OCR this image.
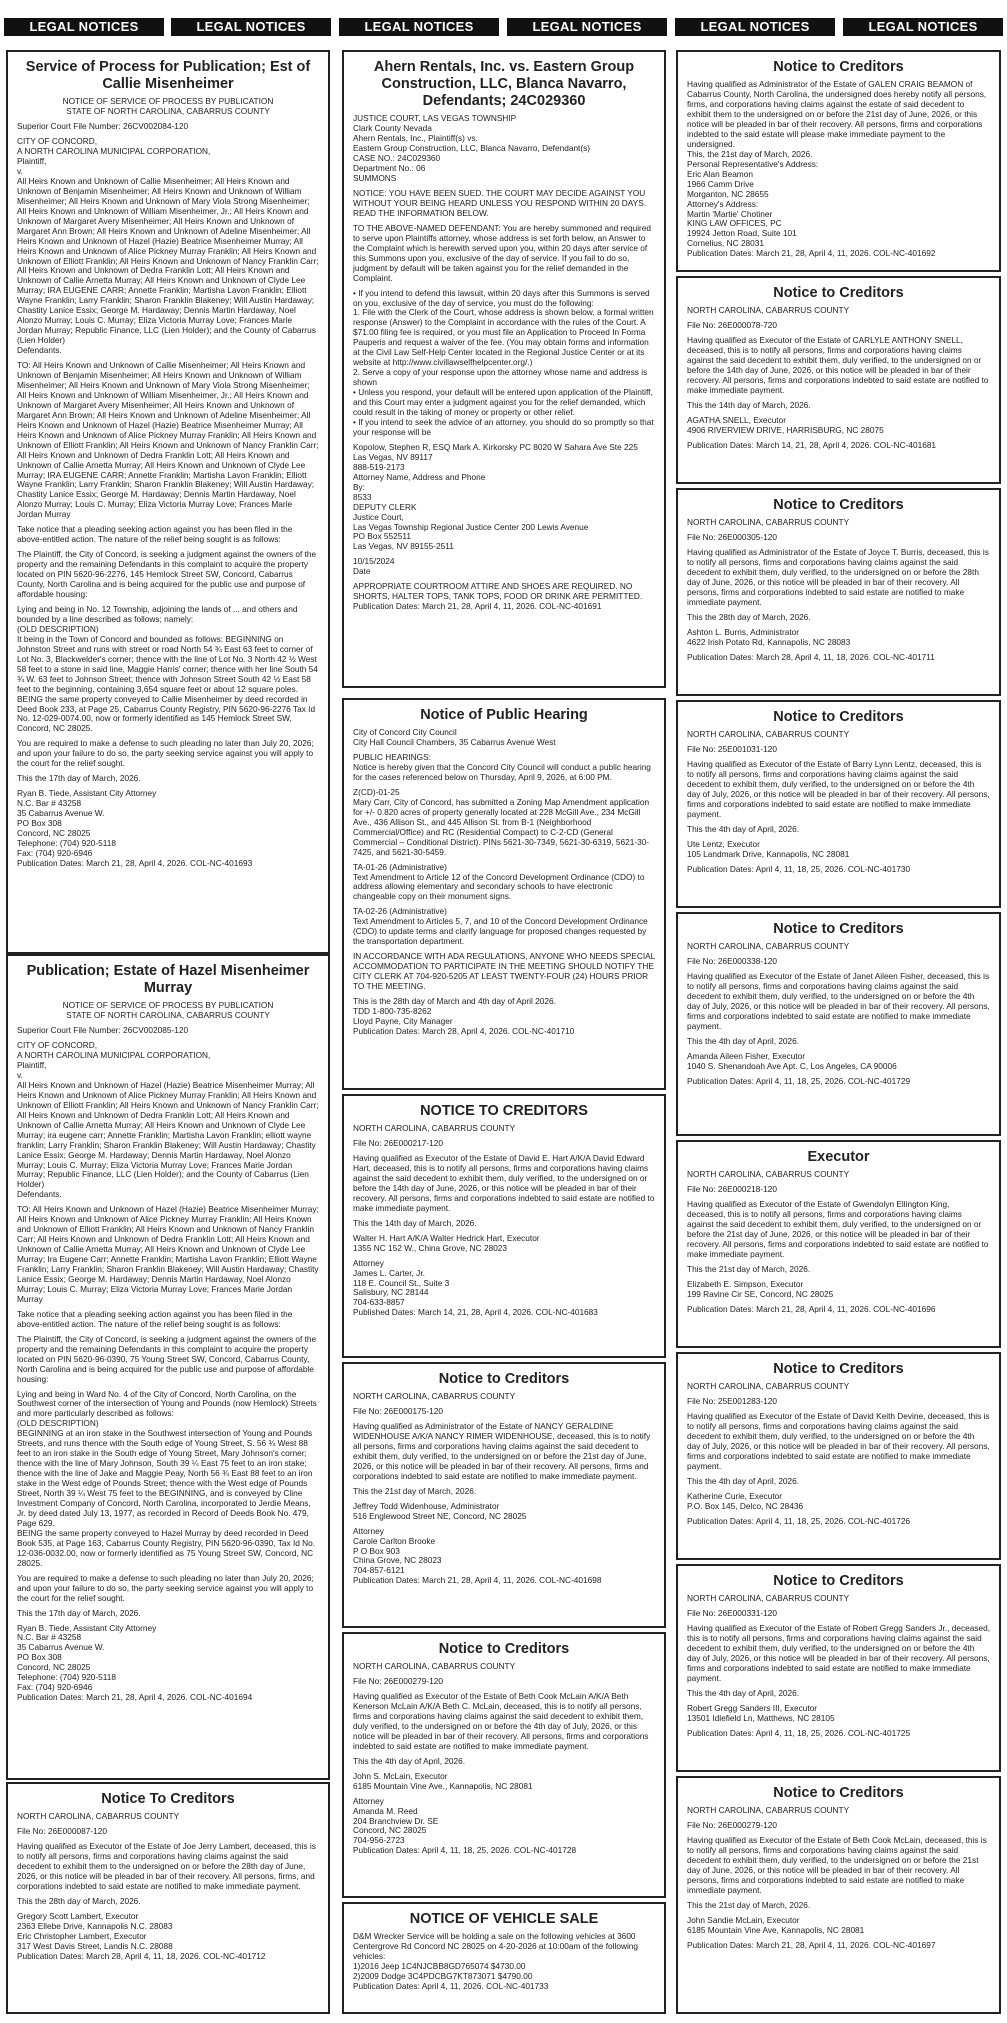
LEGAL NOTICES	LEGAL NOTICES	LEGAL NOTICES	LEGAL NOTICES	LEGAL NOTICES	LEGAL NOTICES
Service of Process for Publication; Est of Callie Misenheimer
NOTICE OF SERVICE OF PROCESS BY PUBLICATION
STATE OF NORTH CAROLINA, CABARRUS COUNTY

Superior Court File Number: 26CV002084-120

CITY OF CONCORD,
A NORTH CAROLINA MUNICIPAL CORPORATION,
Plaintiff,
v.
All Heirs Known and Unknown of Callie Misenheimer; All Heirs Known and Unknown of Benjamin Misenheimer; All Heirs Known and Unknown of William Misenheimer; All Heirs Known and Unknown of Mary Viola Strong Misenheimer; All Heirs Known and Unknown of William Misenheimer, Jr.; All Heirs Known and Unknown of Margaret Avery Misenheimer; All Heirs Known and Unknown of Margaret Ann Brown; All Heirs Known and Unknown of Adeline Misenheimer; All Heirs Known and Unknown of Hazel (Hazie) Beatrice Misenheimer Murray; All Heirs Known and Unknown of Alice Pickney Murray Franklin; All Heirs Known and Unknown of Elliott Franklin; All Heirs Known and Unknown of Nancy Franklin Carr; All Heirs Known and Unknown of Dedra Franklin Lott; All Heirs Known and Unknown of Callie Arnetta Murray; All Heirs Known and Unknown of Clyde Lee Murray; IRA EUGENE CARR; Annette Franklin; Martisha Lavon Franklin; Elliott Wayne Franklin; Larry Franklin; Sharon Franklin Blakeney; Will Austin Hardaway; Chastity Lanice Essix; George M. Hardaway; Dennis Martin Hardaway, Noel Alonzo Murray; Louis C. Murray; Eliza Victoria Murray Love; Frances Marie Jordan Murray; Republic Finance, LLC (Lien Holder); and the County of Cabarrus (Lien Holder)
Defendants.

TO: All Heirs Known and Unknown of Callie Misenheimer; All Heirs Known and Unknown of Benjamin Misenheimer; All Heirs Known and Unknown of William Misenheimer; All Heirs Known and Unknown of Mary Viola Strong Misenheimer; All Heirs Known and Unknown of William Misenheimer, Jr.; All Heirs Known and Unknown of Margaret Avery Misenheimer; All Heirs Known and Unknown of Margaret Ann Brown; All Heirs Known and Unknown of Adeline Misenheimer; All Heirs Known and Unknown of Hazel (Hazie) Beatrice Misenheimer Murray; All Heirs Known and Unknown of Alice Pickney Murray Franklin; All Heirs Known and Unknown of Elliott Franklin; All Heirs Known and Unknown of Nancy Franklin Carr; All Heirs Known and Unknown of Dedra Franklin Lott; All Heirs Known and Unknown of Callie Arnetta Murray; All Heirs Known and Unknown of Clyde Lee Murray; IRA EUGENE CARR; Annette Franklin; Martisha Lavon Franklin; Elliott Wayne Franklin; Larry Franklin; Sharon Franklin Blakeney; Will Austin Hardaway; Chastity Lanice Essix; George M. Hardaway; Dennis Martin Hardaway, Noel Alonzo Murray; Louis C. Murray; Eliza Victoria Murray Love; Frances Marie Jordan Murray

Take notice that a pleading seeking action against you has been filed in the above-entitled action. The nature of the relief being sought is as follows:

The Plaintiff, the City of Concord, is seeking a judgment against the owners of the property and the remaining Defendants in this complaint to acquire the property located on PIN 5620-96-2276, 145 Hemlock Street SW, Concord, Cabarrus County, North Carolina and is being acquired for the public use and purpose of affordable housing:

Lying and being in No. 12 Township, adjoining the lands of ... and others and bounded by a line described as follows; namely:
(OLD DESCRIPTION)
It being in the Town of Concord and bounded as follows: BEGINNING on Johnston Street and runs with street or road North 54 ¾ East 63 feet to corner of Lot No. 3, Blackwelder's corner; thence with the line of Lot No. 3 North 42 ½ West 58 feet to a stone in said line, Maggie Harris' corner; thence with her line South 54 ¾ W. 63 feet to Johnson Street; thence with Johnson Street South 42 ½ East 58 feet to the beginning, containing 3,654 square feet or about 12 square poles.
BEING the same property conveyed to Callie Misenheimer by deed recorded in Deed Book 233, at Page 25, Cabarrus County Registry, PIN 5620-96-2276 Tax Id No. 12-029-0074.00, now or formerly identified as 145 Hemlock Street SW, Concord, NC 28025.

You are required to make a defense to such pleading no later than July 20, 2026; and upon your failure to do so, the party seeking service against you will apply to the court for the relief sought.

This the 17th day of March, 2026.

Ryan B. Tiede, Assistant City Attorney
N.C. Bar # 43258
35 Cabarrus Avenue W.
PO Box 308
Concord, NC 28025
Telephone: (704) 920-5118
Fax: (704) 920-6946
Publication Dates: March 21, 28, April 4, 2026. COL-NC-401693

Publication; Estate of Hazel Misenheimer Murray
NOTICE OF SERVICE OF PROCESS BY PUBLICATION
STATE OF NORTH CAROLINA, CABARRUS COUNTY

Superior Court File Number: 26CV002085-120

CITY OF CONCORD,
A NORTH CAROLINA MUNICIPAL CORPORATION,
Plaintiff,
v.
All Heirs Known and Unknown of Hazel (Hazie) Beatrice Misenheimer Murray; All Heirs Known and Unknown of Alice Pickney Murray Franklin; All Heirs Known and Unknown of Elliott Franklin; All Heirs Known and Unknown of Nancy Franklin Carr; All Heirs Known and Unknown of Dedra Franklin Lott; All Heirs Known and Unknown of Callie Arnetta Murray; All Heirs Known and Unknown of Clyde Lee Murray; ira eugene carr; Annette Franklin; Martisha Lavon Franklin; elliott wayne franklin; Larry Franklin; Sharon Franklin Blakeney; Will Austin Hardaway; Chastity Lanice Essix; George M. Hardaway; Dennis Martin Hardaway, Noel Alonzo Murray; Louis C. Murray; Eliza Victoria Murray Love; Frances Marie Jordan Murray; Republic Finance, LLC (Lien Holder); and the County of Cabarrus (Lien Holder)
Defendants.

TO: All Heirs Known and Unknown of Hazel (Hazie) Beatrice Misenheimer Murray; All Heirs Known and Unknown of Alice Pickney Murray Franklin; All Heirs Known and Unknown of Elliott Franklin; All Heirs Known and Unknown of Nancy Franklin Carr; All Heirs Known and Unknown of Dedra Franklin Lott; All Heirs Known and Unknown of Callie Arnetta Murray; All Heirs Known and Unknown of Clyde Lee Murray; Ira Eugene Carr; Annette Franklin; Martisha Lavon Franklin; Elliott Wayne Franklin; Larry Franklin; Sharon Franklin Blakeney; Will Austin Hardaway; Chastity Lanice Essix; George M. Hardaway; Dennis Martin Hardaway, Noel Alonzo Murray; Louis C. Murray; Eliza Victoria Murray Love; Frances Marie Jordan Murray

Take notice that a pleading seeking action against you has been filed in the above-entitled action. The nature of the relief being sought is as follows:

The Plaintiff, the City of Concord, is seeking a judgment against the owners of the property and the remaining Defendants in this complaint to acquire the property located on PIN 5620-96-0390, 75 Young Street SW, Concord, Cabarrus County, North Carolina and is being acquired for the public use and purpose of affordable housing:

Lying and being in Ward No. 4 of the City of Concord, North Carolina, on the Southwest corner of the intersection of Young and Pounds (now Hemlock) Streets and more particularly described as follows:
(OLD DESCRIPTION)
BEGINNING at an iron stake in the Southwest intersection of Young and Pounds Streets, and runs thence with the South edge of Young Street, S. 56 ¾ West 88 feet to an iron stake in the South edge of Young Street, Mary Johnson's corner; thence with the line of Mary Johnson, South 39 ¼ East 75 feet to an iron stake; thence with the line of Jake and Maggie Peay, North 56 ¾ East 88 feet to an iron stake in the West edge of Pounds Street; thence with the West edge of Pounds Street, North 39 ¼ West 75 feet to the BEGINNING, and is conveyed by Cline Investment Company of Concord, North Carolina, incorporated to Jerdie Means, Jr. by deed dated July 13, 1977, as recorded in Record of Deeds Book No. 479, Page 629.
BEING the same property conveyed to Hazel Murray by deed recorded in Deed Book 535, at Page 163, Cabarrus County Registry, PIN 5620-96-0390, Tax Id No. 12-036-0032.00, now or formerly identified as 75 Young Street SW, Concord, NC 28025.

You are required to make a defense to such pleading no later than July 20, 2026; and upon your failure to do so, the party seeking service against you will apply to the court for the relief sought.

This the 17th day of March, 2026.

Ryan B. Tiede, Assistant City Attorney
N.C. Bar # 43258
35 Cabarrus Avenue W.
PO Box 308
Concord, NC 28025
Telephone: (704) 920-5118
Fax: (704) 920-6946
Publication Dates: March 21, 28, April 4, 2026. COL-NC-401694

Notice To Creditors
NORTH CAROLINA, CABARRUS COUNTY
File No: 26E000087-120

Having qualified as Executor of the Estate of Joe Jerry Lambert, deceased, this is to notify all persons, firms and corporations having claims against the said decedent to exhibit them to the undersigned on or before the 28th day of June, 2026, or this notice will be pleaded in bar of their recovery. All persons, firms, and corporations indebted to said estate are notified to make immediate payment.

This the 28th day of March, 2026.

Gregory Scott Lambert, Executor
2363 Ellebe Drive, Kannapolis N.C. 28083
Eric Christopher Lambert, Executor
317 West Davis Street, Landis N.C. 28088
Publication Dates: March 28, April 4, 11, 18, 2026. COL-NC-401712

Ahern Rentals, Inc. vs. Eastern Group Construction, LLC, Blanca Navarro, Defendants; 24C029360

JUSTICE COURT, LAS VEGAS TOWNSHIP
Clark County Nevada
Ahern Rentals, Inc., Plaintiff(s) vs.
Eastern Group Construction, LLC, Blanca Navarro, Defendant(s)
CASE NO.: 24C029360
Department No.: 06
SUMMONS

NOTICE: YOU HAVE BEEN SUED. THE COURT MAY DECIDE AGAINST YOU WITHOUT YOUR BEING HEARD UNLESS YOU RESPOND WITHIN 20 DAYS. READ THE INFORMATION BELOW.

TO THE ABOVE-NAMED DEFENDANT: You are hereby summoned and required to serve upon Plaintiffs attorney, whose address is set forth below, an Answer to the Complaint which is herewith served upon you, within 20 days after service of this Summons upon you, exclusive of the day of service. If you fail to do so, judgment by default will be taken against you for the relief demanded in the Complaint.

• If you intend to defend this lawsuit, within 20 days after this Summons is served on you, exclusive of the day of service, you must do the following:
1. File with the Clerk of the Court, whose address is shown below, a formal written response (Answer) to the Complaint in accordance with the rules of the Court. A $71.00 filing fee is required, or you must file an Application to Proceed In Forma Pauperis and request a waiver of the fee. (You may obtain forms and information at the Civil Law Self-Help Center located in the Regional Justice Center or at its website at http://www.civillawselfhelpcenter.org/.)
2. Serve a copy of your response upon the attorney whose name and address is shown
• Unless you respond, your default will be entered upon application of the Plaintiff, and this Court may enter a judgment against you for the relief demanded, which could result in the taking of money or property or other relief.
• If you intend to seek the advice of an attorney, you should do so promptly so that your response will be

Kopolow, Stephen R, ESQ Mark A. Kirkorsky PC 8020 W Sahara Ave Ste 225
Las Vegas, NV 89117
888-519-2173
Attorney Name, Address and Phone
By:
8533
DEPUTY CLERK
Justice Court,
Las Vegas Township Regional Justice Center 200 Lewis Avenue
PO Box 552511
Las Vegas, NV 89155-2511

10/15/2024
Date

APPROPRIATE COURTROOM ATTIRE AND SHOES ARE REQUIRED. NO SHORTS, HALTER TOPS, TANK TOPS, FOOD OR DRINK ARE PERMITTED.
Publication Dates: March 21, 28, April 4, 11, 2026. COL-NC-401691

Notice of Public Hearing

City of Concord City Council
City Hall Council Chambers, 35 Cabarrus Avenue West

PUBLIC HEARINGS:
Notice is hereby given that the Concord City Council will conduct a public hearing for the cases referenced below on Thursday, April 9, 2026, at 6:00 PM.

Z(CD)-01-25
Mary Carr, City of Concord, has submitted a Zoning Map Amendment application for +/- 0.820 acres of property generally located at 228 McGill Ave., 234 McGill Ave., 436 Allison St., and 445 Allison St. from B-1 (Neighborhood Commercial/Office) and RC (Residential Compact) to C-2-CD (General Commercial – Conditional District). PINs 5621-30-7349, 5621-30-6319, 5621-30-7425, and 5621-30-5459.

TA-01-26 (Administrative)
Text Amendment to Article 12 of the Concord Development Ordinance (CDO) to address allowing elementary and secondary schools to have electronic changeable copy on their monument signs.

TA-02-26 (Administrative)
Text Amendment to Articles 5, 7, and 10 of the Concord Development Ordinance (CDO) to update terms and clarify language for proposed changes requested by the transportation department.

IN ACCORDANCE WITH ADA REGULATIONS, ANYONE WHO NEEDS SPECIAL ACCOMMODATION TO PARTICIPATE IN THE MEETING SHOULD NOTIFY THE CITY CLERK AT 704-920-5205 AT LEAST TWENTY-FOUR (24) HOURS PRIOR TO THE MEETING.

This is the 28th day of March and 4th day of April 2026.
TDD 1-800-735-8262
Lloyd Payne, City Manager
Publication Dates: March 28, April 4, 2026. COL-NC-401710

NOTICE TO CREDITORS
NORTH CAROLINA, CABARRUS COUNTY
File No: 26E000217-120

Having qualified as Executor of the Estate of David E. Hart A/K/A David Edward Hart, deceased, this is to notify all persons, firms and corporations having claims against the said decedent to exhibit them, duly verified, to the undersigned on or before the 14th day of June, 2026, or this notice will be pleaded in bar of their recovery. All persons, firms and corporations indebted to said estate are notified to make immediate payment.

This the 14th day of March, 2026.

Walter H. Hart A/K/A Walter Hedrick Hart, Executor
1355 NC 152 W., China Grove, NC 28023

Attorney
James L. Carter, Jr.
118 E. Council St., Suite 3
Salisbury, NC 28144
704-633-8857
Published Dates: March 14, 21, 28, April 4, 2026. COL-NC-401683

Notice to Creditors
NORTH CAROLINA, CABARRUS COUNTY
File No: 26E000175-120

Having qualified as Administrator of the Estate of NANCY GERALDINE WIDENHOUSE A/K/A NANCY RIMER WIDENHOUSE, deceased, this is to notify all persons, firms and corporations having claims against the said decedent to exhibit them, duly verified, to the undersigned on or before the 21st day of June, 2026, or this notice will be pleaded in bar of their recovery. All persons, firms and corporations indebted to said estate are notified to make immediate payment.

This the 21st day of March, 2026.

Jeffrey Todd Widenhouse, Administrator
516 Englewood Street NE, Concord, NC 28025

Attorney
Carole Carlton Brooke
P O Box 903
China Grove, NC 28023
704-857-6121
Publication Dates: March 21, 28, April 4, 11, 2026. COL-NC-401698

Notice to Creditors
NORTH CAROLINA, CABARRUS COUNTY
File No: 26E000279-120

Having qualified as Executor of the Estate of Beth Cook McLain A/K/A Beth Kenerson McLain A/K/A Beth C. McLain, deceased, this is to notify all persons, firms and corporations having claims against the said decedent to exhibit them, duly verified, to the undersigned on or before the 4th day of July, 2026, or this notice will be pleaded in bar of their recovery. All persons, firms and corporations indebted to said estate are notified to make immediate payment.

This the 4th day of April, 2026.

John S. McLain, Executor
6185 Mountain Vine Ave., Kannapolis, NC 28081

Attorney
Amanda M. Reed
204 Branchview Dr. SE
Concord, NC 28025
704-956-2723
Publication Dates: April 4, 11, 18, 25, 2026. COL-NC-401728

NOTICE OF VEHICLE SALE

D&M Wrecker Service will be holding a sale on the following vehicles at 3600 Centergrove Rd Concord NC 28025 on 4-20-2026 at 10:00am of the following vehicles:
1)2016 Jeep 1C4NJCBB8GD765074 $4730.00
2)2009 Dodge 3C4PDCBG7KT873071 $4790.00
Publication Dates: April 4, 11, 2026. COL-NC-401733

Notice to Creditors

Having qualified as Administrator of the Estate of GALEN CRAIG BEAMON of Cabarrus County, North Carolina, the undersigned does hereby notify all persons, firms, and corporations having claims against the estate of said decedent to exhibit them to the undersigned on or before the 21st day of June, 2026, or this notice will be pleaded in bar of their recovery. All persons, firms and corporations indebted to the said estate will please make immediate payment to the undersigned.
This, the 21st day of March, 2026.
Personal Representative's Address:
Eric Alan Beamon
1966 Camm Drive
Morganton, NC 28655
Attorney's Address:
Martin 'Martie' Chotiner
KING LAW OFFICES, PC
19924 Jetton Road, Suite 101
Cornelius, NC 28031
Publication Dates: March 21, 28, April 4, 11, 2026. COL-NC-401692

Notice to Creditors
NORTH CAROLINA, CABARRUS COUNTY
File No: 26E000078-720

Having qualified as Executor of the Estate of CARLYLE ANTHONY SNELL, deceased, this is to notify all persons, firms and corporations having claims against the said decedent to exhibit them, duly verified, to the undersigned on or before the 14th day of June, 2026, or this notice will be pleaded in bar of their recovery. All persons, firms and corporations indebted to said estate are notified to make immediate payment.

This the 14th day of March, 2026.

AGATHA SNELL, Executor
4906 RIVERVIEW DRIVE, HARRISBURG, NC 28075

Publication Dates: March 14, 21, 28, April 4, 2026. COL-NC-401681

Notice to Creditors
NORTH CAROLINA, CABARRUS COUNTY
File No: 26E000305-120

Having qualified as Administrator of the Estate of Joyce T. Burris, deceased, this is to notify all persons, firms and corporations having claims against the said decedent to exhibit them, duly verified, to the undersigned on or before the 28th day of June, 2026, or this notice will be pleaded in bar of their recovery. All persons, firms and corporations indebted to said estate are notified to make immediate payment.

This the 28th day of March, 2026.

Ashton L. Burris, Administrator
4622 Irish Potato Rd, Kannapolis, NC 28083

Publication Dates: March 28, April 4, 11, 18, 2026. COL-NC-401711

Notice to Creditors
NORTH CAROLINA, CABARRUS COUNTY
File No: 25E001031-120

Having qualified as Executor of the Estate of Barry Lynn Lentz, deceased, this is to notify all persons, firms and corporations having claims against the said decedent to exhibit them, duly verified, to the undersigned on or before the 4th day of July, 2026, or this notice will be pleaded in bar of their recovery. All persons, firms and corporations indebted to said estate are notified to make immediate payment.

This the 4th day of April, 2026.

Ute Lentz, Executor
105 Landmark Drive, Kannapolis, NC 28081

Publication Dates: April 4, 11, 18, 25, 2026. COL-NC-401730

Notice to Creditors
NORTH CAROLINA, CABARRUS COUNTY
File No: 26E000338-120

Having qualified as Executor of the Estate of Janet Aileen Fisher, deceased, this is to notify all persons, firms and corporations having claims against the said decedent to exhibit them, duly verified, to the undersigned on or before the 4th day of July, 2026, or this notice will be pleaded in bar of their recovery. All persons, firms and corporations indebted to said estate are notified to make immediate payment.

This the 4th day of April, 2026.

Amanda Aileen Fisher, Executor
1040 S. Shenandoah Ave Apt. C, Los Angeles, CA 90006

Publication Dates: April 4, 11, 18, 25, 2026. COL-NC-401729

Executor
NORTH CAROLINA, CABARRUS COUNTY
File No: 26E000218-120

Having qualified as Executor of the Estate of Gwendolyn Ellington King, deceased, this is to notify all persons, firms and corporations having claims against the said decedent to exhibit them, duly verified, to the undersigned on or before the 21st day of June, 2026, or this notice will be pleaded in bar of their recovery. All persons, firms and corporations indebted to said estate are notified to make immediate payment.

This the 21st day of March, 2026.

Elizabeth E. Simpson, Executor
199 Ravine Cir SE, Concord, NC 28025

Publication Dates: March 21, 28, April 4, 11, 2026. COL-NC-401696

Notice to Creditors
NORTH CAROLINA, CABARRUS COUNTY
File No: 25E001283-120

Having qualified as Executor of the Estate of David Keith Devine, deceased, this is to notify all persons, firms and corporations having claims against the said decedent to exhibit them, duly verified, to the undersigned on or before the 4th day of July, 2026, or this notice will be pleaded in bar of their recovery. All persons, firms and corporations indebted to said estate are notified to make immediate payment.

This the 4th day of April, 2026.

Katherine Curie, Executor
P.O. Box 145, Delco, NC 28436

Publication Dates: April 4, 11, 18, 25, 2026. COL-NC-401726

Notice to Creditors
NORTH CAROLINA, CABARRUS COUNTY
File No: 26E000331-120

Having qualified as Executor of the Estate of Robert Gregg Sanders Jr., deceased, this is to notify all persons, firms and corporations having claims against the said decedent to exhibit them, duly verified, to the undersigned on or before the 4th day of July, 2026, or this notice will be pleaded in bar of their recovery. All persons, firms and corporations indebted to said estate are notified to make immediate payment.

This the 4th day of April, 2026.

Robert Gregg Sanders III, Executor
13501 Idlefield Ln, Matthews, NC 28105

Publication Dates: April 4, 11, 18, 25, 2026. COL-NC-401725

Notice to Creditors
NORTH CAROLINA, CABARRUS COUNTY
File No: 26E000279-120

Having qualified as Executor of the Estate of Beth Cook McLain, deceased, this is to notify all persons, firms and corporations having claims against the said decedent to exhibit them, duly verified, to the undersigned on or before the 21st day of June, 2026, or this notice will be pleaded in bar of their recovery. All persons, firms and corporations indebted to said estate are notified to make immediate payment.

This the 21st day of March, 2026.

John Sandie McLain, Executor
6185 Mountain Vine Ave, Kannapolis, NC 28081

Publication Dates: March 21, 28, April 4, 11, 2026. COL-NC-401697
